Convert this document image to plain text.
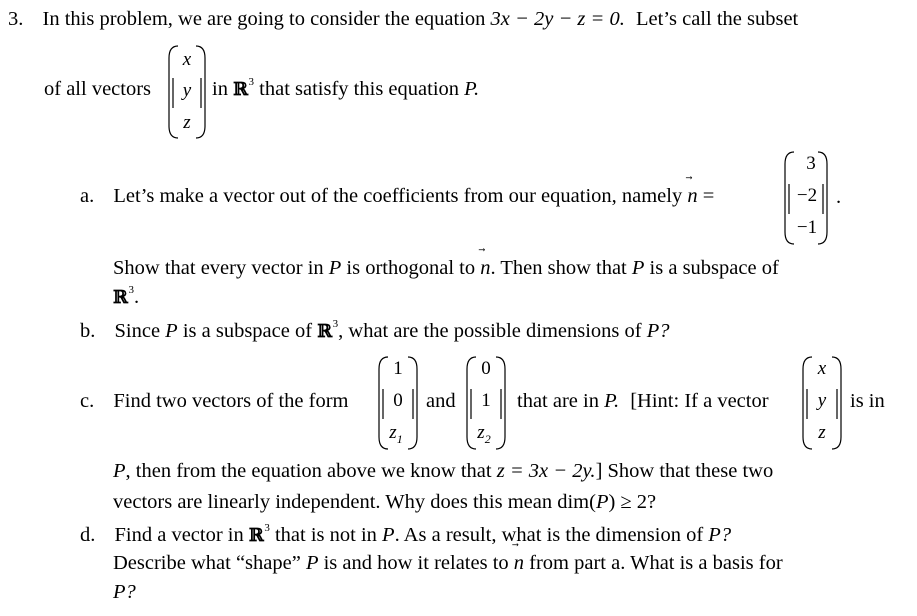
3. In this problem, we are going to consider the equation 3x − 2y − z = 0. Let’s call the subset
of all vectors
x
y
z
in ℝ$^3$ that satisfy this equation P.
a. Let’s make a vector out of the coefficients from our equation, namely n =
3
−2
−1
.
Show that every vector in P is orthogonal to n
. Then show that P is a subspace of
ℝ$^3$.
b. Since P is a subspace of ℝ$^3$, what are the possible dimensions of P?
c. Find two vectors of the form
1
0
$z_1$
and
0
1
$z_2$
that are in P. [Hint: If a vector
x
y
z
is in
P, then from the equation above we know that z = 3x − 2y.] Show that these two
vectors are linearly independent. Why does this mean dim(P) ≥ 2?
d. Find a vector in ℝ$^3$ that is not in P. As a result, what is the dimension of P?
Describe what “shape” P is and how it relates to n from part a. What is a basis for
P?
